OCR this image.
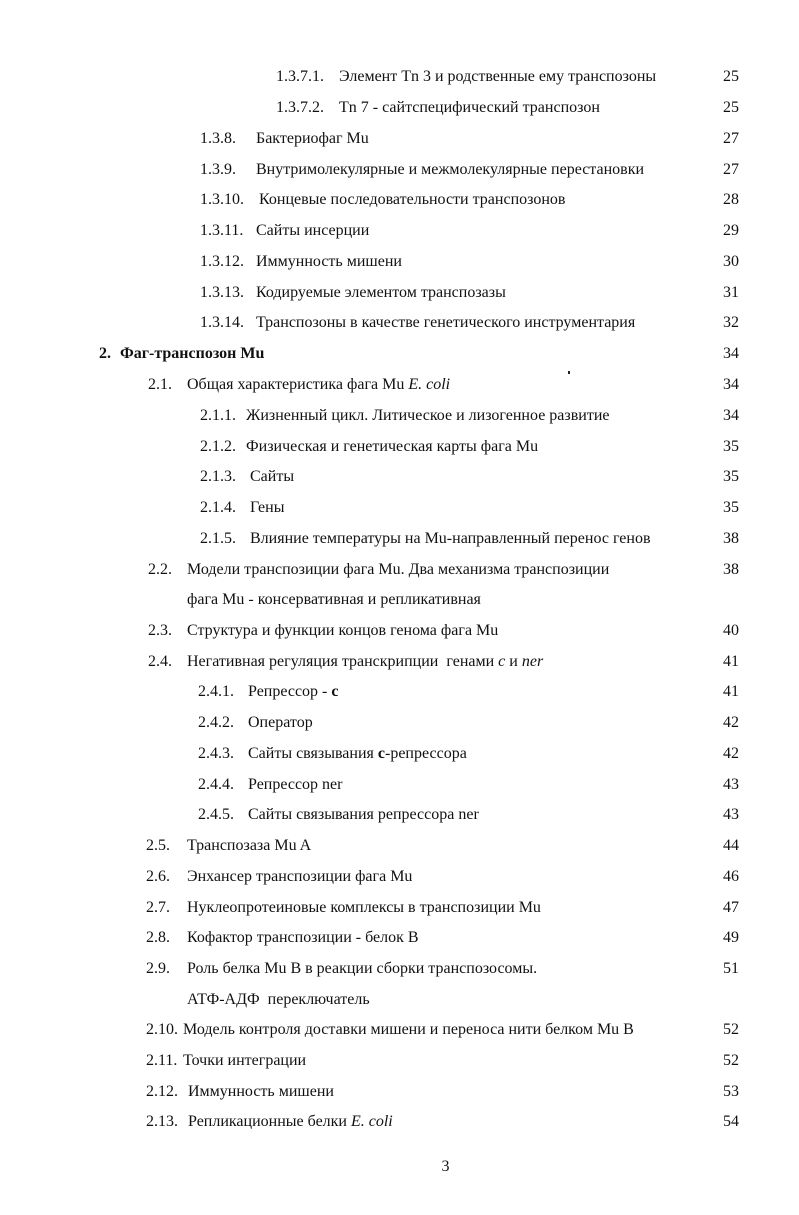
1.3.7.1. Элемент Tn 3 и родственные ему транспозоны	25
1.3.7.2. Tn 7 - сайтспецифический транспозон	25
1.3.8. Бактериофаг Mu	27
1.3.9. Внутримолекулярные и межмолекулярные перестановки	27
1.3.10. Концевые последовательности транспозонов	28
1.3.11. Сайты инсерции	29
1.3.12. Иммунность мишени	30
1.3.13. Кодируемые элементом транспозазы	31
1.3.14. Транспозоны в качестве генетического инструментария	32
2. Фаг-транспозон Mu	34
2.1. Общая характеристика фага Mu E. coli	34
2.1.1. Жизненный цикл. Литическое и лизогенное развитие	34
2.1.2. Физическая и генетическая карты фага Mu	35
2.1.3. Сайты	35
2.1.4. Гены	35
2.1.5. Влияние температуры на Mu-направленный перенос генов	38
2.2. Модели транспозиции фага Mu. Два механизма транспозиции	38
фага Mu - консервативная и репликативная
2.3. Структура и функции концов генома фага Mu	40
2.4. Негативная регуляция транскрипции  генами c и ner	41
2.4.1. Репрессор - c	41
2.4.2. Оператор	42
2.4.3. Сайты связывания c-репрессора	42
2.4.4. Репрессор ner	43
2.4.5. Сайты связывания репрессора ner	43
2.5. Транспозаза Mu A	44
2.6. Энхансер транспозиции фага Mu	46
2.7. Нуклеопротеиновые комплексы в транспозиции Mu	47
2.8. Кофактор транспозиции - белок B	49
2.9. Роль белка Mu B в реакции сборки транспозосомы.	51
АТФ-АДФ  переключатель
2.10. Модель контроля доставки мишени и переноса нити белком Mu B	52
2.11. Точки интеграции	52
2.12. Иммунность мишени	53
2.13. Репликационные белки E. coli	54
3
